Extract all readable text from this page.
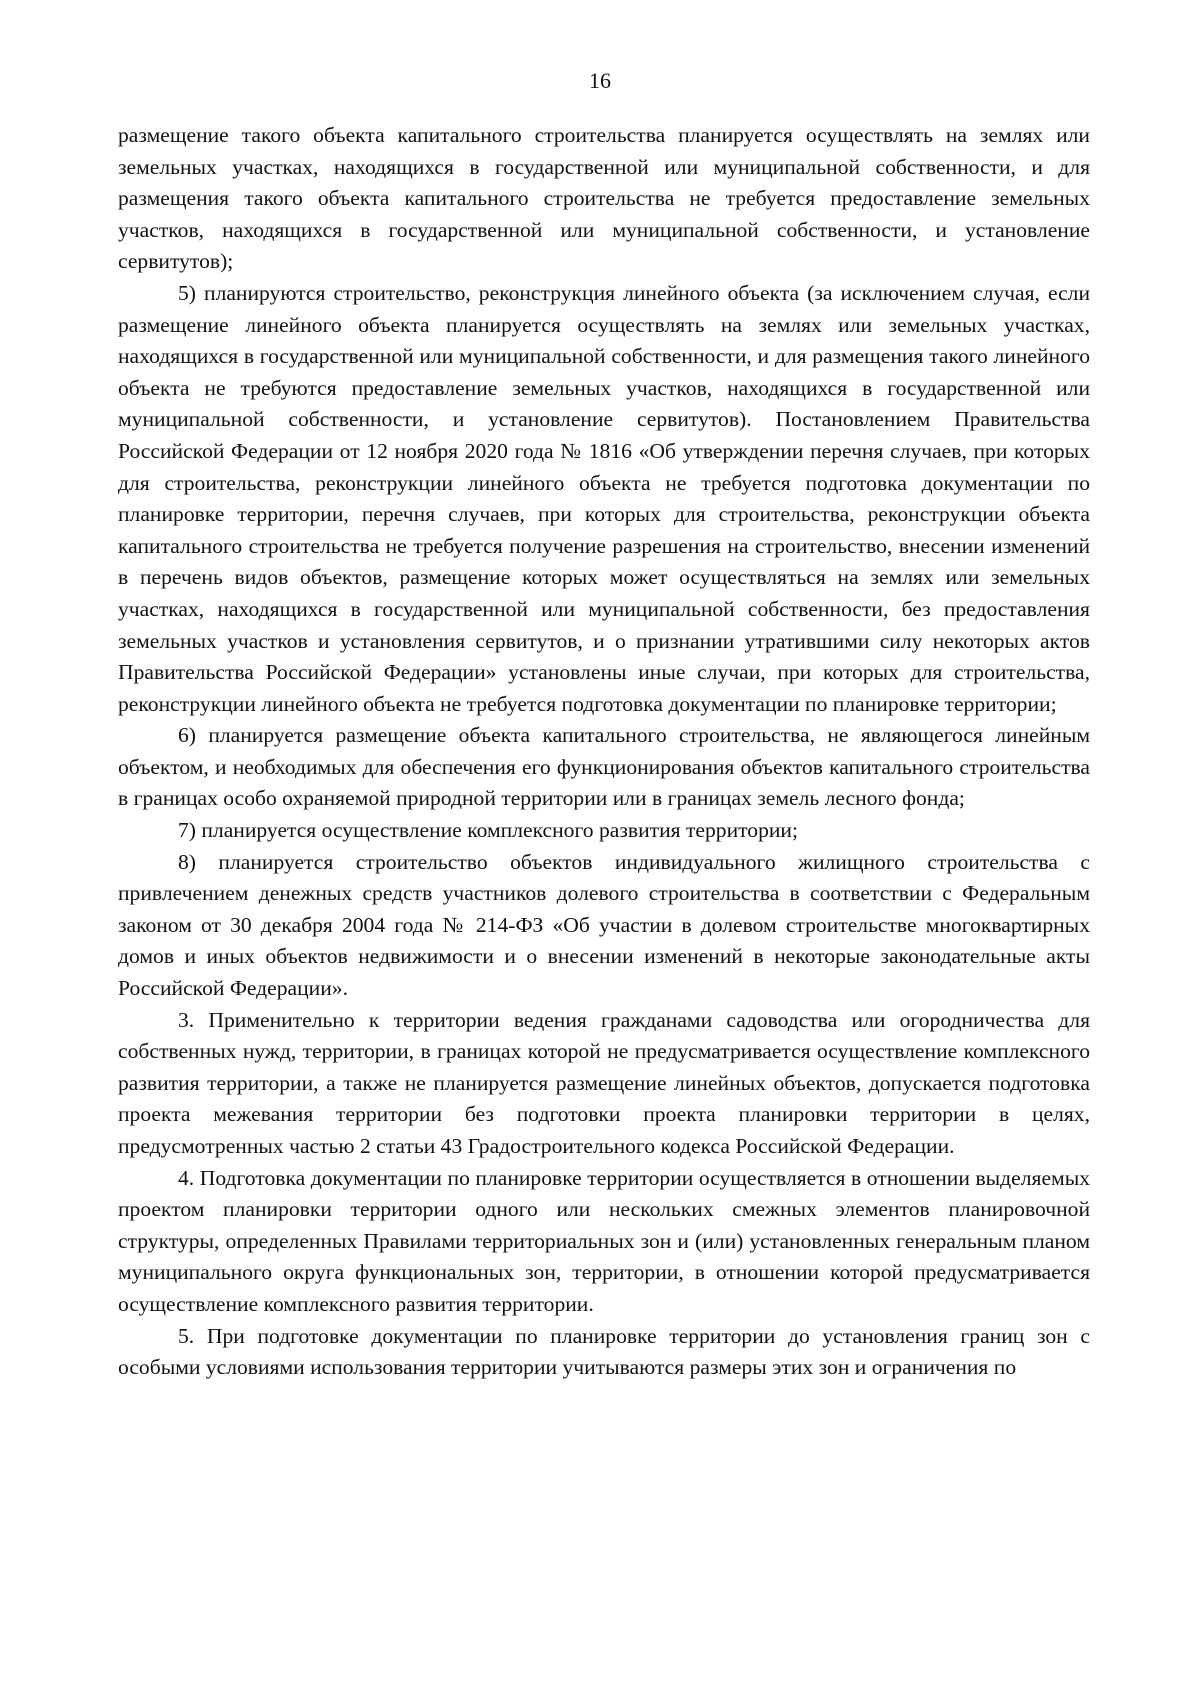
16

размещение такого объекта капитального строительства планируется осуществлять на землях или земельных участках, находящихся в государственной или муниципальной собственности, и для размещения такого объекта капитального строительства не требуется предоставление земельных участков, находящихся в государственной или муниципальной собственности, и установление сервитутов);

5) планируются строительство, реконструкция линейного объекта (за исключением случая, если размещение линейного объекта планируется осуществлять на землях или земельных участках, находящихся в государственной или муниципальной собственности, и для размещения такого линейного объекта не требуются предоставление земельных участков, находящихся в государственной или муниципальной собственности, и установление сервитутов). Постановлением Правительства Российской Федерации от 12 ноября 2020 года № 1816 «Об утверждении перечня случаев, при которых для строительства, реконструкции линейного объекта не требуется подготовка документации по планировке территории, перечня случаев, при которых для строительства, реконструкции объекта капитального строительства не требуется получение разрешения на строительство, внесении изменений в перечень видов объектов, размещение которых может осуществляться на землях или земельных участках, находящихся в государственной или муниципальной собственности, без предоставления земельных участков и установления сервитутов, и о признании утратившими силу некоторых актов Правительства Российской Федерации» установлены иные случаи, при которых для строительства, реконструкции линейного объекта не требуется подготовка документации по планировке территории;

6) планируется размещение объекта капитального строительства, не являющегося линейным объектом, и необходимых для обеспечения его функционирования объектов капитального строительства в границах особо охраняемой природной территории или в границах земель лесного фонда;

7) планируется осуществление комплексного развития территории;

8) планируется строительство объектов индивидуального жилищного строительства с привлечением денежных средств участников долевого строительства в соответствии с Федеральным законом от 30 декабря 2004 года № 214-ФЗ «Об участии в долевом строительстве многоквартирных домов и иных объектов недвижимости и о внесении изменений в некоторые законодательные акты Российской Федерации».

3. Применительно к территории ведения гражданами садоводства или огородничества для собственных нужд, территории, в границах которой не предусматривается осуществление комплексного развития территории, а также не планируется размещение линейных объектов, допускается подготовка проекта межевания территории без подготовки проекта планировки территории в целях, предусмотренных частью 2 статьи 43 Градостроительного кодекса Российской Федерации.

4. Подготовка документации по планировке территории осуществляется в отношении выделяемых проектом планировки территории одного или нескольких смежных элементов планировочной структуры, определенных Правилами территориальных зон и (или) установленных генеральным планом муниципального округа функциональных зон, территории, в отношении которой предусматривается осуществление комплексного развития территории.

5. При подготовке документации по планировке территории до установления границ зон с особыми условиями использования территории учитываются размеры этих зон и ограничения по
